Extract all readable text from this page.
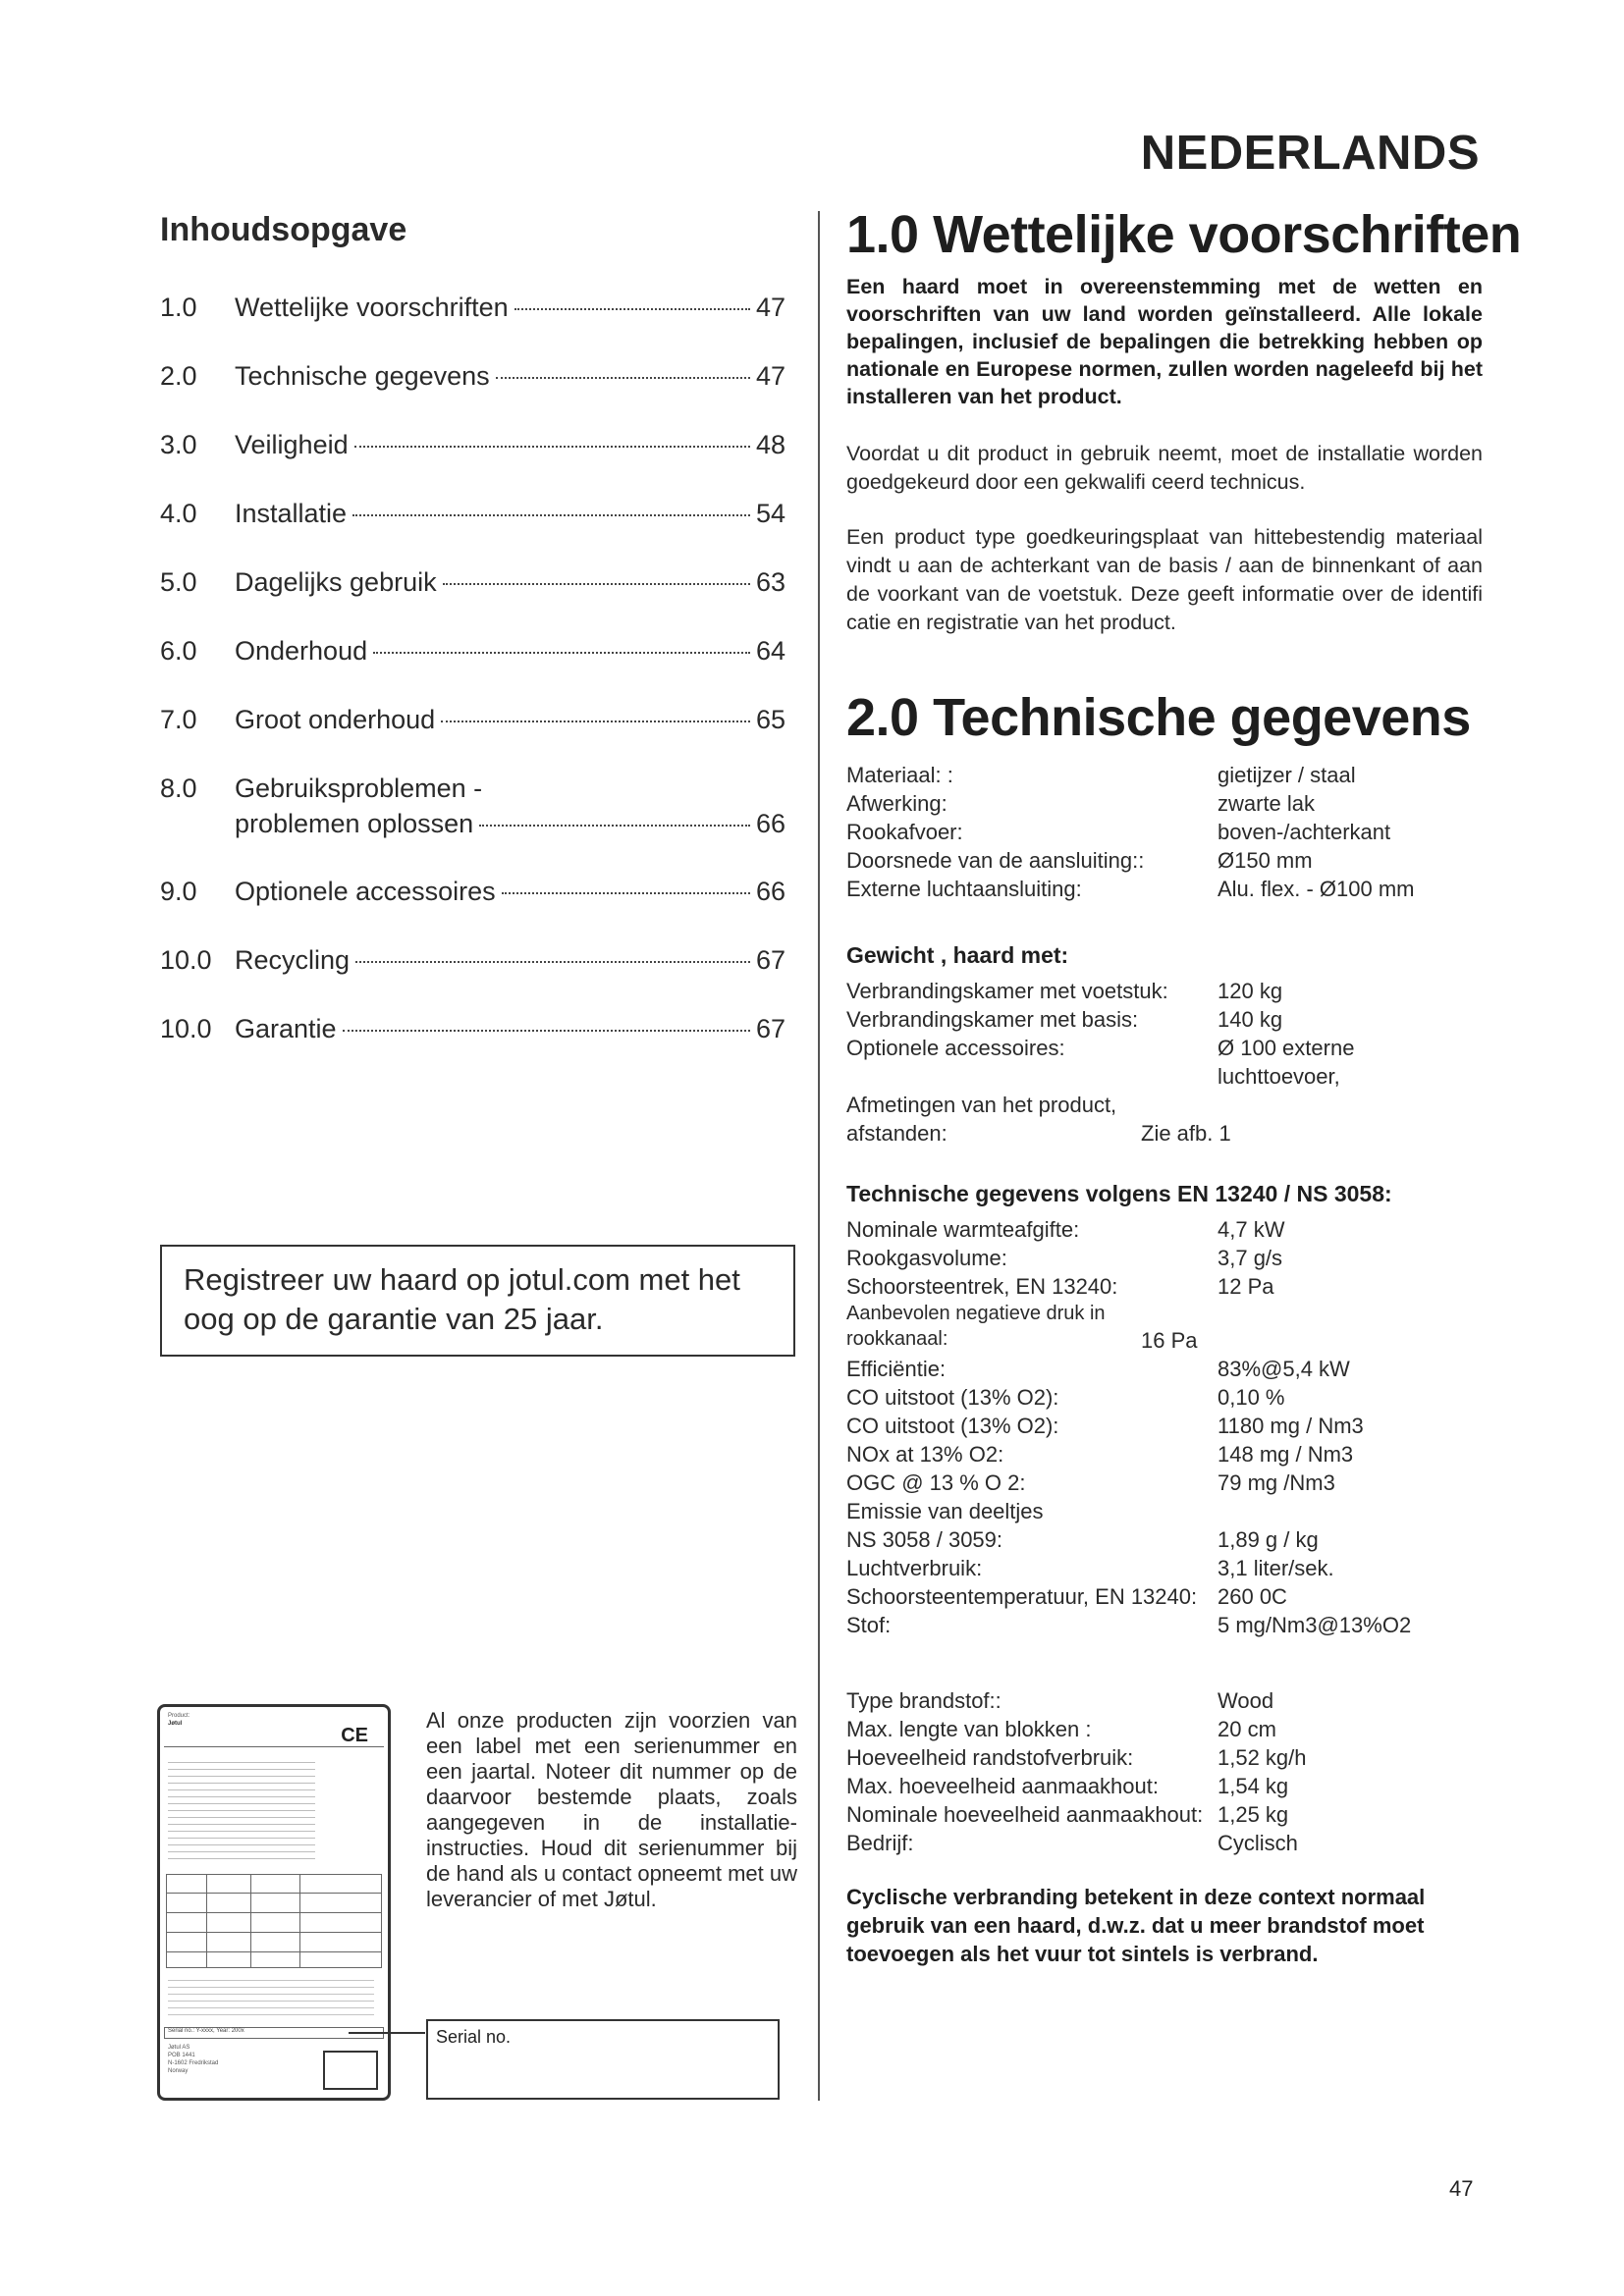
NEDERLANDS
Inhoudsopgave
1.0 Wettelijke voorschriften	47
2.0 Technische gegevens	47
3.0 Veiligheid	48
4.0 Installatie	54
5.0 Dagelijks gebruik	63
6.0 Onderhoud	64
7.0 Groot onderhoud	65
8.0 Gebruiksproblemen -
problemen oplossen	66
9.0 Optionele accessoires	66
10.0 Recycling	67
10.0 Garantie	67
Registreer uw haard op jotul.com met het oog op de garantie van 25 jaar.
Product:
Jøtul
CE
Serial no.: Y-xxxx, Year: 200x
Jøtul AS
POB 1441
N-1602 Fredrikstad
Norway
Al onze producten zijn voorzien van een label met een serienummer en een jaartal. Noteer dit nummer op de daarvoor bestemde plaats, zoals aangegeven in de installatie-instructies. Houd dit serienummer bij de hand als u contact opneemt met uw leverancier of met Jøtul.
Serial no.
1.0 Wettelijke voorschriften
Een haard moet in overeenstemming met de wetten en voorschriften van uw land worden geïnstalleerd. Alle lokale bepalingen, inclusief de bepalingen die betrekking hebben op nationale en Europese normen, zullen worden nageleefd bij het installeren van het product.
Voordat u dit product in gebruik neemt, moet de installatie worden goedgekeurd door een gekwalifi ceerd technicus.
Een product type goedkeuringsplaat van hittebestendig materiaal vindt u aan de achterkant van de basis / aan de binnenkant of aan de voorkant van de voetstuk. Deze geeft informatie over de identifi catie en registratie van het product.
2.0 Technische gegevens
Materiaal: :	gietijzer / staal
Afwerking:	zwarte lak
Rookafvoer:	boven-/achterkant
Doorsnede van de aansluiting::	Ø150 mm
Externe luchtaansluiting:	Alu. flex. - Ø100 mm
Gewicht , haard met:
Verbrandingskamer met voetstuk: 120 kg
Verbrandingskamer met basis:	140 kg
Optionele accessoires:	Ø 100 externe luchttoevoer,
Afmetingen van het product, afstanden:	Zie afb. 1
Technische gegevens volgens EN 13240 / NS 3058:
Nominale warmteafgifte:	4,7 kW
Rookgasvolume:	3,7 g/s
Schoorsteentrek, EN 13240:	12 Pa
Aanbevolen negatieve druk in rookkanaal:	16 Pa
Efficiëntie:	83%@5,4 kW
CO uitstoot (13% O2):	0,10 %
CO uitstoot (13% O2):	1180 mg / Nm3
NOx at 13% O2:	148 mg / Nm3
OGC @ 13 % O 2:	79 mg /Nm3
Emissie van deeltjes
NS 3058 / 3059:	1,89 g / kg
Luchtverbruik:	3,1 liter/sek.
Schoorsteentemperatuur, EN 13240: 260 0C
Stof:	5 mg/Nm3@13%O2
Type brandstof::	Wood
Max. lengte van blokken :	20 cm
Hoeveelheid randstofverbruik:	1,52 kg/h
Max. hoeveelheid aanmaakhout:	1,54 kg
Nominale hoeveelheid aanmaakhout: 1,25 kg
Bedrijf:	Cyclisch
Cyclische verbranding betekent in deze context normaal gebruik van een haard, d.w.z. dat u meer brandstof moet toevoegen als het vuur tot sintels is verbrand.
47
